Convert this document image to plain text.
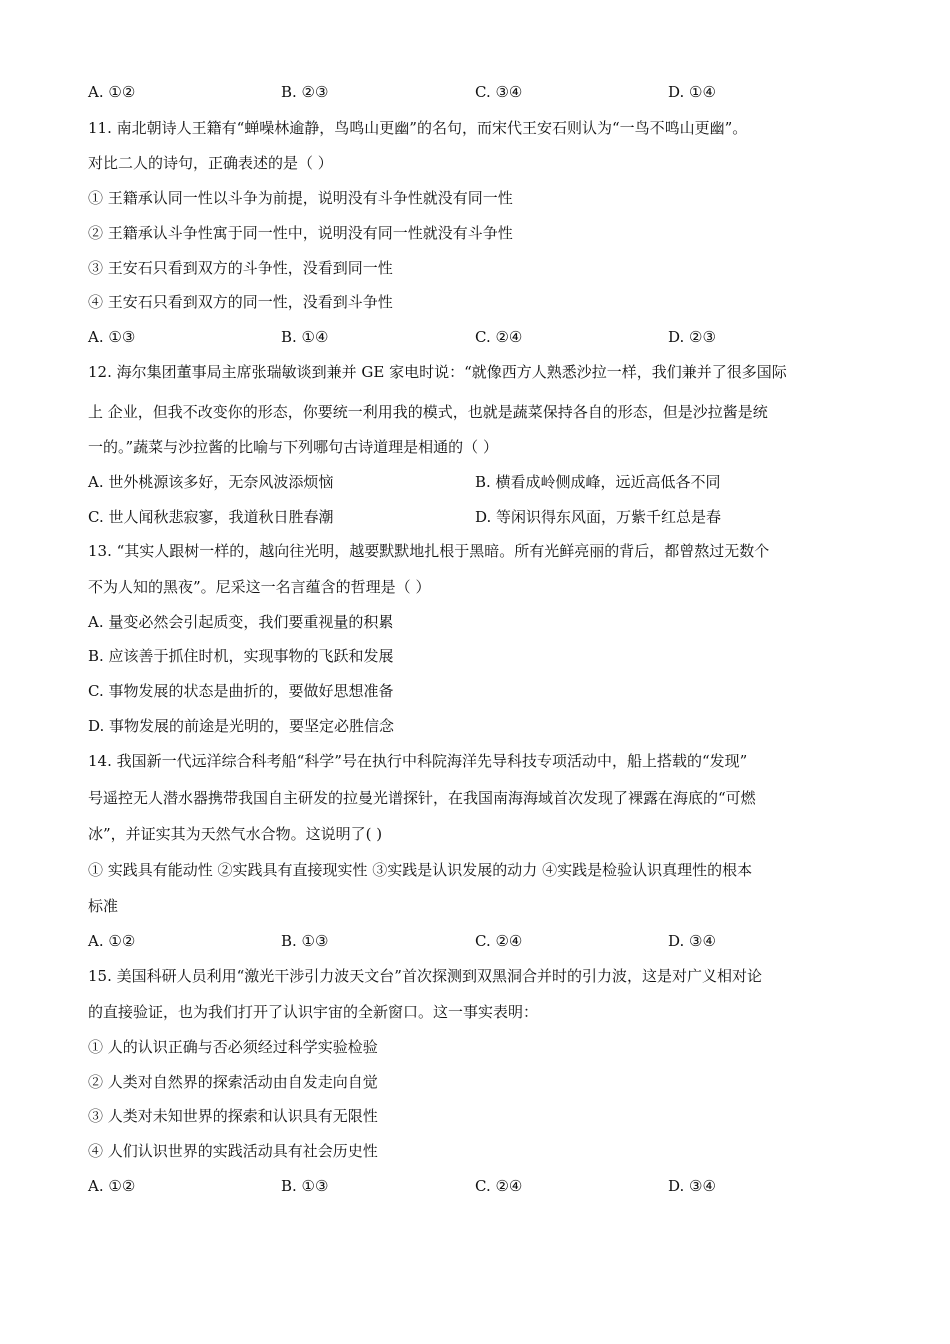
A. ①②	B. ②③	C. ③④	D. ①④
11. 南北朝诗人王籍有“蝉噪林逾静，鸟鸣山更幽”的名句，而宋代王安石则认为“一鸟不鸣山更幽”。
对比二人的诗句，正确表述的是（ ）
① 王籍承认同一性以斗争为前提，说明没有斗争性就没有同一性
② 王籍承认斗争性寓于同一性中，说明没有同一性就没有斗争性
③ 王安石只看到双方的斗争性，没看到同一性
④ 王安石只看到双方的同一性，没看到斗争性
A. ①③	B. ①④	C. ②④	D. ②③
12. 海尔集团董事局主席张瑞敏谈到兼并 GE 家电时说：“就像西方人熟悉沙拉一样，我们兼并了很多国际
上 企业，但我不改变你的形态，你要统一利用我的模式，也就是蔬菜保持各自的形态，但是沙拉酱是统
一的。”蔬菜与沙拉酱的比喻与下列哪句古诗道理是相通的（ ）
A. 世外桃源该多好，无奈风波添烦恼	B. 横看成岭侧成峰，远近高低各不同
C. 世人闻秋悲寂寥，我道秋日胜春潮	D. 等闲识得东风面，万紫千红总是春
13. “其实人跟树一样的，越向往光明，越要默默地扎根于黑暗。所有光鲜亮丽的背后，都曾熬过无数个
不为人知的黑夜”。尼采这一名言蕴含的哲理是（ ）
A. 量变必然会引起质变，我们要重视量的积累
B. 应该善于抓住时机，实现事物的飞跃和发展
C. 事物发展的状态是曲折的，要做好思想准备
D. 事物发展的前途是光明的，要坚定必胜信念
14. 我国新一代远洋综合科考船“科学”号在执行中科院海洋先导科技专项活动中，船上搭载的“发现”
号遥控无人潜水器携带我国自主研发的拉曼光谱探针，在我国南海海域首次发现了裸露在海底的“可燃
冰”，并证实其为天然气水合物。这说明了( )
① 实践具有能动性 ②实践具有直接现实性 ③实践是认识发展的动力 ④实践是检验认识真理性的根本
标准
A. ①②	B. ①③	C. ②④	D. ③④
15. 美国科研人员利用“激光干涉引力波天文台”首次探测到双黑洞合并时的引力波，这是对广义相对论
的直接验证，也为我们打开了认识宇宙的全新窗口。这一事实表明：
① 人的认识正确与否必须经过科学实验检验
② 人类对自然界的探索活动由自发走向自觉
③ 人类对未知世界的探索和认识具有无限性
④ 人们认识世界的实践活动具有社会历史性
A. ①②	B. ①③	C. ②④	D. ③④
